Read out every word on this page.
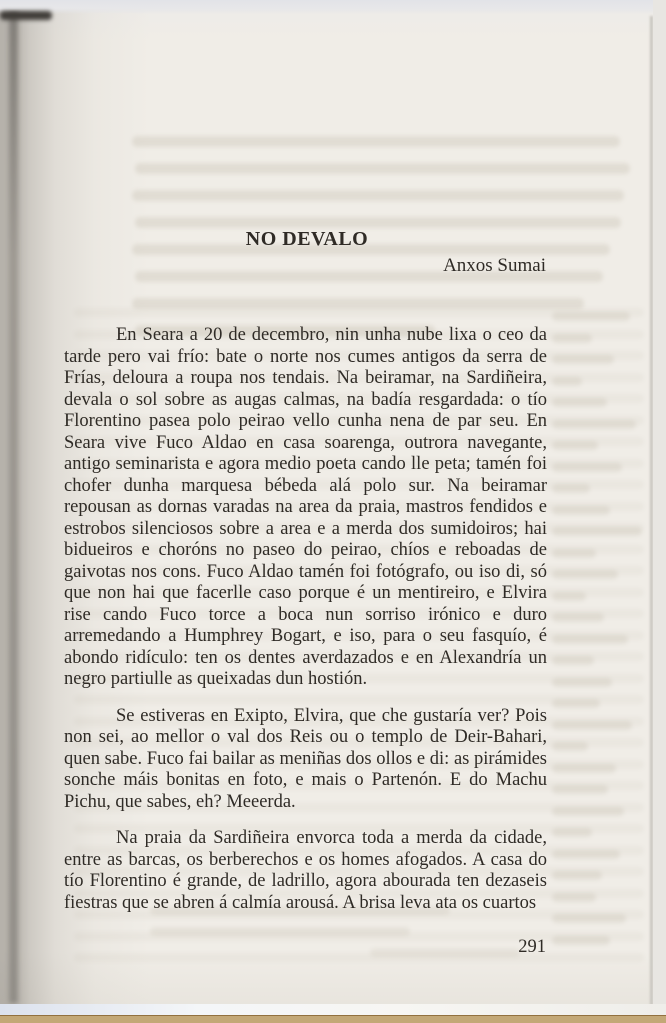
NO DEVALO
Anxos Sumai

En Seara a 20 de decembro, nin unha nube lixa o ceo da tarde pero vai frío: bate o norte nos cumes antigos da serra de Frías, deloura a roupa nos tendais. Na beiramar, na Sardiñeira, devala o sol sobre as augas calmas, na badía resgardada: o tío Florentino pasea polo peirao vello cunha nena de par seu. En Seara vive Fuco Aldao en casa soarenga, outrora navegante, antigo seminarista e agora medio poeta cando lle peta; tamén foi chofer dunha marquesa bébeda alá polo sur. Na beiramar repousan as dornas varadas na area da praia, mastros fendidos e estrobos silenciosos sobre a area e a merda dos sumidoiros; hai bidueiros e choróns no paseo do peirao, chíos e reboadas de gaivotas nos cons. Fuco Aldao tamén foi fotógrafo, ou iso di, só que non hai que facerlle caso porque é un mentireiro, e Elvira rise cando Fuco torce a boca nun sorriso irónico e duro arremedando a Humphrey Bogart, e iso, para o seu fasquío, é abondo ridículo: ten os dentes averdazados e en Alexandría un negro partiulle as queixadas dun hostión.

Se estiveras en Exipto, Elvira, que che gustaría ver? Pois non sei, ao mellor o val dos Reis ou o templo de Deir-Bahari, quen sabe. Fuco fai bailar as meniñas dos ollos e di: as pirámides sonche máis bonitas en foto, e mais o Partenón. E do Machu Pichu, que sabes, eh? Meeerda.

Na praia da Sardiñeira envorca toda a merda da cidade, entre as barcas, os berberechos e os homes afogados. A casa do tío Florentino é grande, de ladrillo, agora abourada ten dezaseis fiestras que se abren á calmía arousá. A brisa leva ata os cuartos

291
